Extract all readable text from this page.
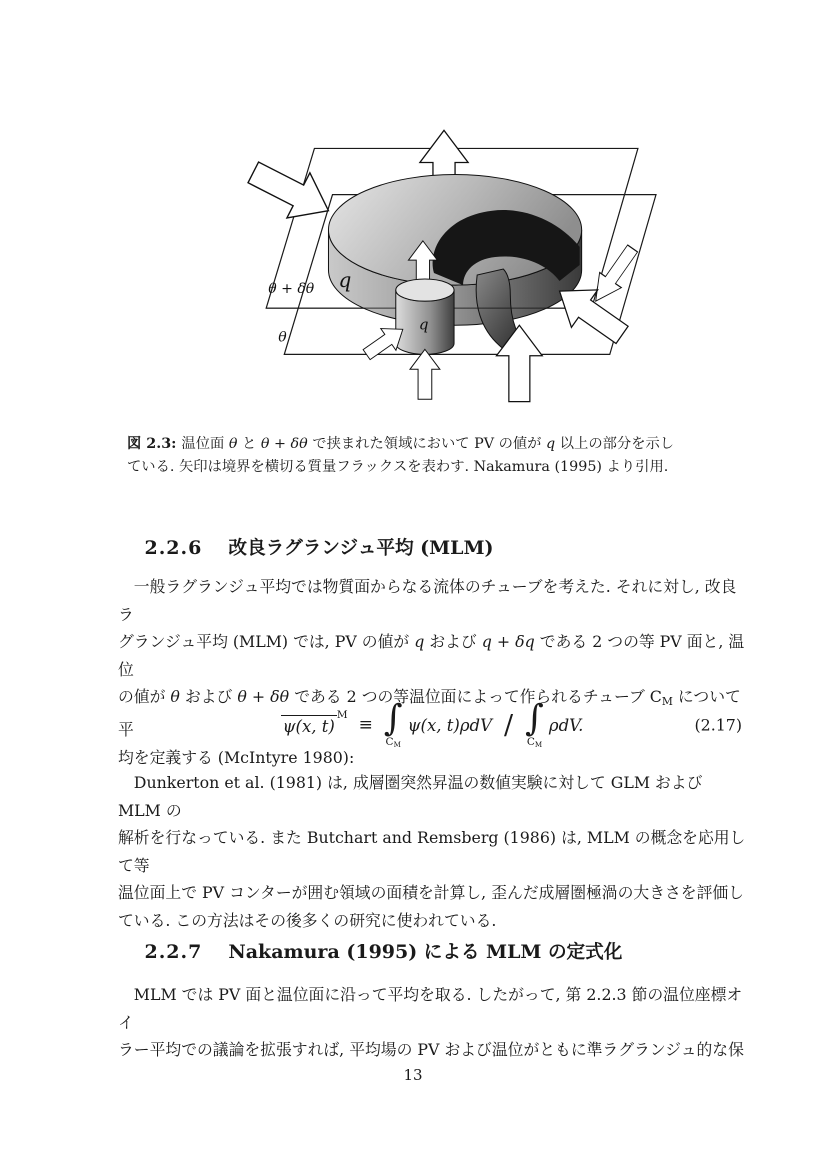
q
q
θ + δθ
θ
図 2.3: 温位面 θ と θ + δθ で挟まれた領域において PV の値が q 以上の部分を示し
ている. 矢印は境界を横切る質量フラックスを表わす. Nakamura (1995) より引用.

2.2.6 改良ラグランジュ平均 (MLM)

　一般ラグランジュ平均では物質面からなる流体のチューブを考えた. それに対し, 改良ラ
グランジュ平均 (MLM) では, PV の値が q および q + δq である 2 つの等 PV 面と, 温位
の値が θ および θ + δθ である 2 つの等温位面によって作られるチューブ $C_M$ について平
均を定義する (McIntyre 1980):
ψ(x, t)
M
≡ ∫
$C_M$
ψ(x, t)ρdV / ∫
$C_M$
ρdV.	(2.17)
　Dunkerton et al. (1981) は, 成層圏突然昇温の数値実験に対して GLM および MLM の
解析を行なっている. また Butchart and Remsberg (1986) は, MLM の概念を応用して等
温位面上で PV コンターが囲む領域の面積を計算し, 歪んだ成層圏極渦の大きさを評価し
ている. この方法はその後多くの研究に使われている.

2.2.7 Nakamura (1995) による MLM の定式化

　MLM では PV 面と温位面に沿って平均を取る. したがって, 第 2.2.3 節の温位座標オイ
ラー平均での議論を拡張すれば, 平均場の PV および温位がともに準ラグランジュ的な保
13
